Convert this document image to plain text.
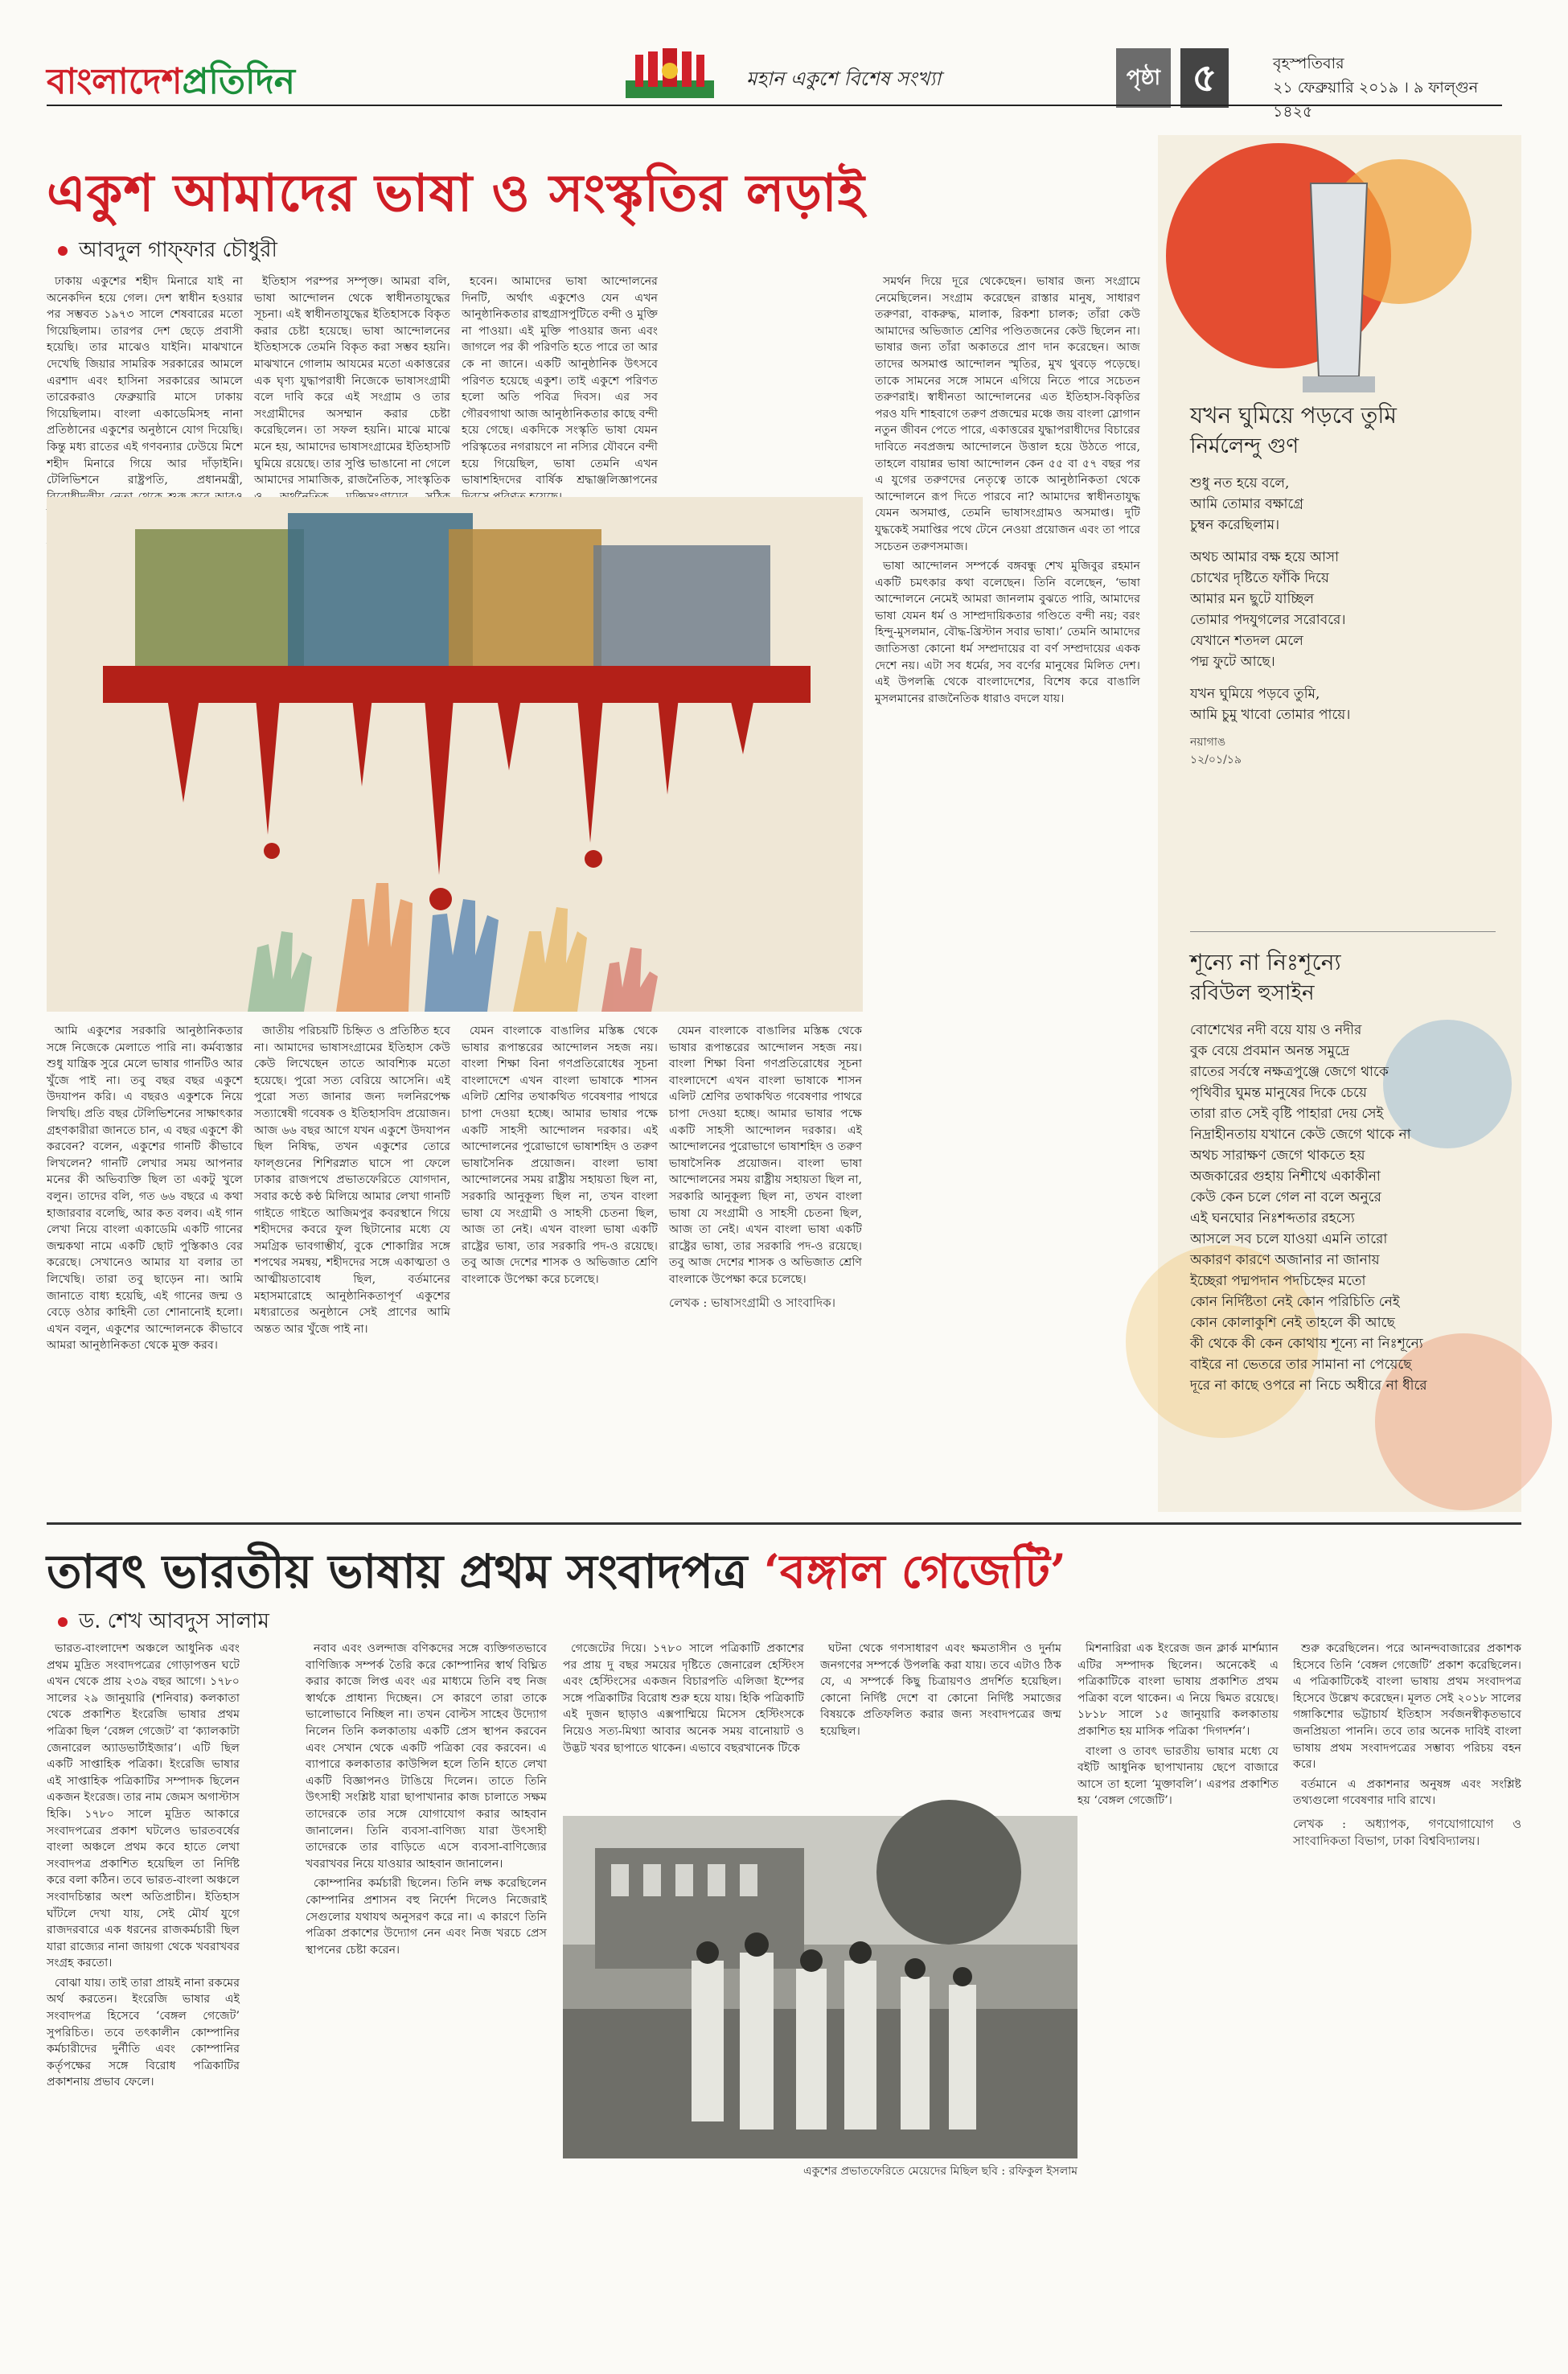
বাংলাদেশপ্রতিদিন	মহান একুশে বিশেষ সংখ্যা	পৃষ্ঠা ৫	বৃহস্পতিবার
২১ ফেব্রুয়ারি ২০১৯ । ৯ ফাল্গুন ১৪২৫
একুশ আমাদের ভাষা ও সংস্কৃতির লড়াই
আবদুল গাফ্‌ফার চৌধুরী

ঢাকায় একুশের শহীদ মিনারে যাই না অনেকদিন হয়ে গেল। দেশ স্বাধীন হওয়ার পর সম্ভবত ১৯৭৩ সালে শেষবারের মতো গিয়েছিলাম। তারপর দেশ ছেড়ে প্রবাসী হয়েছি। তার মাঝেও যাইনি। মাঝখানে দেখেছি জিয়ার সামরিক সরকারের আমলে এরশাদ এবং হাসিনা সরকারের আমলে তারেকরাও ফেব্রুয়ারি মাসে ঢাকায় গিয়েছিলাম। বাংলা একাডেমিসহ নানা প্রতিষ্ঠানের একুশের অনুষ্ঠানে যোগ দিয়েছি। কিন্তু মধ্য রাতের এই গণবন্যার ঢেউয়ে মিশে শহীদ মিনারে গিয়ে আর দাঁড়াইনি। টেলিভিশনে রাষ্ট্রপতি, প্রধানমন্ত্রী,

ইতিহাস পরম্পর সম্পৃক্ত। আমরা বলি, ভাষা আন্দোলন থেকে স্বাধীনতাযুদ্ধের সূচনা। এই স্বাধীনতাযুদ্ধের ইতিহাসকে বিকৃত করার চেষ্টা হয়েছে। ভাষা আন্দোলনের ইতিহাসকে তেমনি বিকৃত করা সম্ভব হয়নি। মাঝখানে গোলাম আযমের মতো একাত্তরের এক ঘৃণ্য যুদ্ধাপরাধী নিজেকে ভাষাসংগ্রামী বলে দাবি করে এই সংগ্রাম ও তার সংগ্রামীদের অসম্মান করার চেষ্টা করেছিলেন। তা সফল হয়নি। মাঝে মাঝে মনে হয়, আমাদের ভাষাসংগ্রামের ইতিহাসটি ঘুমিয়ে রয়েছে। তার সুপ্তি ভাঙানো না গেলে আমাদের সামাজিক, রাজনৈতিক, সাংস্কৃতিক

হবেন। আমাদের ভাষা আন্দোলনের দিনটি, অর্থাৎ একুশেও যেন এখন আনুষ্ঠানিকতার রাহুগ্রাসপুটিতে বন্দী ও মুক্তি না পাওয়া। এই মুক্তি পাওয়ার জন্য এবং জাগলে পর কী পরিণতি হতে পারে তা আর কে না জানে। একটি আনুষ্ঠানিক উৎসবে পরিণত হয়েছে একুশ। তাই একুশে পরিণত হলো অতি পবিত্র দিবস। এর সব গৌরবগাথা আজ আনুষ্ঠানিকতার কাছে বন্দী হয়ে গেছে। একদিকে সংস্কৃতি ভাষা যেমন পরিস্কৃতের নগরায়ণে না নস্যির যৌবনে বন্দী হয়ে গিয়েছিল, ভাষা তেমনি এখন ভাষাশহিদদের বার্ষিক শ্রদ্ধাঞ্জলিজ্ঞাপনের

সমর্থন দিয়ে দূরে থেকেছেন। ভাষার জন্য সংগ্রামে নেমেছিলেন। সংগ্রাম করেছেন রাস্তার মানুষ, সাধারণ তরুণরা, বাকরুদ্ধ, মালাক, রিকশা চালক; তাঁরা কেউ আমাদের অভিজাত শ্রেণির পণ্ডিতজনের কেউ ছিলেন না। ভাষার জন্য তাঁরা অকাতরে প্রাণ দান করেছেন। আজ তাদের অসমাপ্ত আন্দোলন স্মৃতির, মুখ থুবড়ে পড়েছে। তাকে সামনের সঙ্গে সামনে এগিয়ে নিতে পারে সচেতন তরুণরাই। স্বাধীনতা আন্দোলনের এত ইতিহাস-বিকৃতির পরও যদি শাহবাগে তরুণ প্রজন্মের মঞ্চে জয় বাংলা স্লোগান নতুন জীবন পেতে পারে, একাত্তরের যুদ্ধাপরাধীদের বিচারের দাবিতে নবপ্রজন্ম আন্দোলনে উত্তাল হয়ে উঠতে পারে, তাহলে বায়ান্নর ভাষা আন্দোলন কেন ৫৫ বা ৫৭ বছর পর এ যুগের তরুণদের নেতৃত্বে তাকে আনুষ্ঠানিকতা থেকে আন্দোলনে রূপ দিতে পারবে না? আমাদের স্বাধীনতাযুদ্ধ যেমন অসমাপ্ত, তেমনি ভাষাসংগ্রামও অসমাপ্ত। দুটি যুদ্ধকেই সমাপ্তির পথে টেনে নেওয়া প্রয়োজন এবং তা পারে সচেতন তরুণসমাজ।

ভাষা আন্দোলন সম্পর্কে বঙ্গবন্ধু শেখ মুজিবুর রহমান একটি চমৎকার কথা বলেছেন। তিনি বলেছেন, ‘ভাষা আন্দোলনে নেমেই আমরা জানলাম বুঝতে পারি, আমাদের ভাষা যেমন ধর্ম ও সাম্প্রদায়িকতার গণ্ডিতে বন্দী নয়; বরং হিন্দু-মুসলমান, বৌদ্ধ-খ্রিস্টান সবার ভাষা।’ তেমনি আমাদের জাতিসত্তা কোনো ধর্ম সম্প্রদায়ের বা বর্ণ সম্প্রদায়ের একক দেশে নয়। এটা সব ধর্মের, সব বর্ণের মানুষের মিলিত দেশ। এই উপলব্ধি থেকে বাংলাদেশের, বিশেষ করে বাঙালি মুসলমানের রাজনৈতিক ধারাও বদলে যায়।

আমি একুশের সরকারি আনুষ্ঠানিকতার সঙ্গে নিজেকে মেলাতে পারি না। কর্মব্যস্তার শুধু যান্ত্রিক সুরে মেলে ভাষার গানটিও আর খুঁজে পাই না। তবু বছর বছর একুশে উদযাপন করি। এ বছরও একুশকে নিয়ে লিখছি। প্রতি বছর টেলিভিশনের সাক্ষাৎকার গ্রহণকারীরা জানতে চান, এ বছর একুশে কী করবেন? বলেন, একুশের গানটি কীভাবে লিখলেন? গানটি লেখার সময় আপনার মনের কী অভিব্যক্তি ছিল তা একটু খুলে বলুন। তাদের বলি, গত ৬৬ বছরে এ কথা হাজারবার বলেছি, আর কত বলব। এই গান লেখা নিয়ে বাংলা একাডেমি একটি গানের জন্মকথা নামে একটি ছোট পুস্তিকাও বের করেছে। সেখানেও আমার যা বলার তা লিখেছি। তারা তবু ছাড়েন না। আমি জানাতে বাধ্য হয়েছি, এই গানের জন্ম ও বেড়ে ওঠার কাহিনী তো শোনানোই হলো। এখন বলুন, একুশের আন্দোলনকে কীভাবে আমরা আনুষ্ঠানিকতা থেকে মুক্ত করব।

জাতীয় পরিচয়টি চিহ্নিত ও প্রতিষ্ঠিত হবে না। আমাদের ভাষাসংগ্রামের ইতিহাস কেউ কেউ লিখেছেন তাতে আবশ্যিক মতো হয়েছে। পুরো সত্য বেরিয়ে আসেনি। এই পুরো সত্য জানার জন্য দলনিরপেক্ষ সত্যান্বেষী গবেষক ও ইতিহাসবিদ প্রয়োজন। আজ ৬৬ বছর আগে যখন একুশে উদযাপন ছিল নিষিদ্ধ, তখন একুশের তোরে ফাল্গুনের শিশিরস্নাত ঘাসে পা ফেলে ঢাকার রাজপথে প্রভাতফেরিতে যোগদান, সবার কণ্ঠে কণ্ঠ মিলিয়ে আমার লেখা গানটি গাইতে গাইতে আজিমপুর কবরস্থানে গিয়ে শহীদদের কবরে ফুল ছিটানোর মধ্যে যে সমগ্রিক ভাবগাম্ভীর্য, বুকে শোকাগ্নির সঙ্গে শপথের সমন্বয়, শহীদদের সঙ্গে একাত্মতা ও আত্মীয়তাবোধ ছিল, বর্তমানের মহাসমারোহে আনুষ্ঠানিকতাপূর্ণ একুশের মধ্যরাতের অনুষ্ঠানে সেই প্রাণের আমি অন্তত আর খুঁজে পাই না।

যেমন বাংলাকে বাঙালির মস্তিষ্ক থেকে ভাষার রূপান্তরের আন্দোলন সহজ নয়। বাংলা শিক্ষা বিনা গণপ্রতিরোধের সূচনা বাংলাদেশে এখন বাংলা ভাষাকে শাসন এলিট শ্রেণির তথাকথিত গবেষণার পাথরে চাপা দেওয়া হচ্ছে। আমার ভাষার পক্ষে একটি সাহসী আন্দোলন দরকার। এই আন্দোলনের পুরোভাগে ভাষাশহিদ ও তরুণ ভাষাসৈনিক প্রয়োজন। বাংলা ভাষা আন্দোলনের সময় রাষ্ট্রীয় সহায়তা ছিল না, সরকারি আনুকূল্য ছিল না, তখন বাংলা ভাষা যে সংগ্রামী ও সাহসী চেতনা ছিল, আজ তা নেই। এখন বাংলা ভাষা একটি রাষ্ট্রের ভাষা, তার সরকারি পদ-ও রয়েছে। তবু আজ দেশের শাসক ও অভিজাত শ্রেণি বাংলাকে উপেক্ষা করে চলেছে।

যেমন বাংলাকে বাঙালির মস্তিষ্ক থেকে ভাষার রূপান্তরের আন্দোলন সহজ নয়। বাংলা শিক্ষা বিনা গণপ্রতিরোধের সূচনা বাংলাদেশে এখন বাংলা ভাষাকে শাসন এলিট শ্রেণির তথাকথিত গবেষণার পাথরে চাপা দেওয়া হচ্ছে। আমার ভাষার পক্ষে একটি সাহসী আন্দোলন দরকার। এই আন্দোলনের পুরোভাগে ভাষাশহিদ ও তরুণ ভাষাসৈনিক প্রয়োজন। বাংলা ভাষা আন্দোলনের সময় রাষ্ট্রীয় সহায়তা ছিল না, সরকারি আনুকূল্য ছিল না, তখন বাংলা ভাষা যে সংগ্রামী ও সাহসী চেতনা ছিল, আজ তা নেই। এখন বাংলা ভাষা একটি রাষ্ট্রের ভাষা, তার সরকারি পদ-ও রয়েছে। তবু আজ দেশের শাসক ও অভিজাত শ্রেণি বাংলাকে উপেক্ষা করে চলেছে।

লেখক : ভাষাসংগ্রামী ও সাংবাদিক।
যখন ঘুমিয়ে পড়বে তুমি
নির্মলেন্দু গুণ
শুধু নত হয়ে বলে,
আমি তোমার বক্ষাগ্রে
চুম্বন করেছিলাম।
অথচ আমার বক্ষ হয়ে আসা
চোখের দৃষ্টিতে ফাঁকি দিয়ে
আমার মন ছুটে যাচ্ছিল
তোমার পদযুগলের সরোবরে।
যেখানে শতদল মেলে
পদ্ম ফুটে আছে।
যখন ঘুমিয়ে পড়বে তুমি,
আমি চুমু খাবো তোমার পায়ে।
নয়াগাঙ
১২/০১/১৯
শূন্যে না নিঃশূন্যে
রবিউল হুসাইন
বোশেখের নদী বয়ে যায় ও নদীর
বুক বেয়ে প্রবমান অনন্ত সমুদ্রে
রাতের সর্বস্বে নক্ষত্রপুঞ্জে জেগে থাকে
পৃথিবীর ঘুমন্ত মানুষের দিকে চেয়ে
তারা রাত সেই বৃষ্টি পাহারা দেয় সেই
নিদ্রাহীনতায় যখানে কেউ জেগে থাকে না
অথচ সারাক্ষণ জেগে থাকতে হয়
অজকারের গুহায় নিশীথে একাকীনা
কেউ কেন চলে গেল না বলে অনুরে
এই ঘনঘোর নিঃশব্দতার রহস্যে
আসলে সব চলে যাওয়া এমনি তারো
অকারণ কারণে অজানার না জানায়
ইচ্ছেরা পদ্মপদান পদচিহ্নের মতো
কোন নির্দিষ্টতা নেই কোন পরিচিতি নেই
কোন কোলাকুশি নেই তাহলে কী আছে
কী থেকে কী কেন কোথায় শূন্যে না নিঃশূন্যে
বাইরে না ভেতরে তার সামানা না পেয়েছে
দূরে না কাছে ওপরে না নিচে অধীরে না ধীরে
তাবৎ ভারতীয় ভাষায় প্রথম সংবাদপত্র ‘বঙ্গাল গেজেটি’
ড. শেখ আবদুস সালাম

ভারত-বাংলাদেশ অঞ্চলে আধুনিক এবং প্রথম মুদ্রিত সংবাদপত্রের গোড়াপত্তন ঘটে এখন থেকে প্রায় ২৩৯ বছর আগে। ১৭৮০ সালের ২৯ জানুয়ারি (শনিবার) কলকাতা থেকে প্রকাশিত ইংরেজি ভাষার প্রথম পত্রিকা ছিল ‘বেঙ্গল গেজেট’ বা ‘ক্যালকাটা জেনারেল অ্যাডভার্টাইজার’। এটি ছিল একটি সাপ্তাহিক পত্রিকা। ইংরেজি ভাষার এই সাপ্তাহিক পত্রিকাটির সম্পাদক ছিলেন একজন ইংরেজ। তার নাম জেমস অগাস্টাস হিকি। ১৭৮০ সালে মুদ্রিত আকারে সংবাদপত্রের প্রকাশ ঘটলেও ভারতবর্ষের বাংলা অঞ্চলে প্রথম কবে হাতে লেখা সংবাদপত্র প্রকাশিত হয়েছিল তা নির্দিষ্ট করে বলা কঠিন। তবে ভারত-বাংলা অঞ্চলে সংবাদচিন্তার অংশ অতিপ্রাচীন। ইতিহাস ঘাঁটলে দেখা যায়, সেই মৌর্য যুগে রাজদরবারে এক ধরনের রাজকর্মচারী ছিল যারা রাজ্যের নানা জায়গা থেকে খবরাখবর সংগ্রহ করতো।

বোঝা যায়। তাই তারা প্রায়ই নানা রকমের অর্থ করতেন। ইংরেজি ভাষার এই সংবাদপত্র হিসেবে ‘বেঙ্গল গেজেট’ সুপরিচিত। তবে তৎকালীন কোম্পানির কর্মচারীদের দুর্নীতি এবং কোম্পানির কর্তৃপক্ষের সঙ্গে বিরোধ পত্রিকাটির প্রকাশনায় প্রভাব ফেলে।

নবাব এবং ওলন্দাজ বণিকদের সঙ্গে ব্যক্তিগতভাবে বাণিজ্যিক সম্পর্ক তৈরি করে কোম্পানির স্বার্থ বিঘ্নিত করার কাজে লিপ্ত এবং এর মাধ্যমে তিনি বহু নিজ স্বার্থকে প্রাধান্য দিচ্ছেন। সে কারণে তারা তাকে ভালোভাবে নিচ্ছিল না। তখন বোল্টস সাহেব উদ্যোগ নিলেন তিনি কলকাতায় একটি প্রেস স্থাপন করবেন এবং সেখান থেকে একটি পত্রিকা বের করবেন। এ ব্যাপারে কলকাতার কাউন্সিল হলে তিনি হাতে লেখা একটি বিজ্ঞাপনও টাঙিয়ে দিলেন। তাতে তিনি উৎসাহী সংশ্লিষ্ট যারা ছাপাখানার কাজ চালাতে সক্ষম তাদেরকে তার সঙ্গে যোগাযোগ করার আহবান জানালেন। তিনি ব্যবসা-বাণিজ্য যারা উৎসাহী তাদেরকে তার বাড়িতে এসে ব্যবসা-বাণিজ্যের খবরাখবর নিয়ে যাওয়ার আহবান জানালেন।

কোম্পানির কর্মচারী ছিলেন। তিনি লক্ষ করেছিলেন কোম্পানির প্রশাসন বহু নির্দেশ দিলেও নিজেরাই সেগুলোর যথাযথ অনুসরণ করে না। এ কারণে তিনি পত্রিকা প্রকাশের উদ্যোগ নেন এবং নিজ খরচে প্রেস স্থাপনের চেষ্টা করেন।

গেজেটের দিয়ে। ১৭৮০ সালে পত্রিকাটি প্রকাশের পর প্রায় দু বছর সময়ের দৃষ্টিতে জেনারেল হেস্টিংস এবং হেস্টিংসের একজন বিচারপতি এলিজা ইম্পের সঙ্গে পত্রিকাটির বিরোধ শুরু হয়ে যায়। হিকি পত্রিকাটি এই দুজন ছাড়াও এক্সপাম্মিয়ে মিসেস হেস্টিংসকে নিয়েও সত্য-মিথ্যা আবার অনেক সময় বানোয়াট ও উদ্ভট খবর ছাপাতে থাকেন। এভাবে বছরখানেক টিকে

ঘটনা থেকে গণসাধারণ এবং ক্ষমতাসীন ও দুর্নাম জনগণের সম্পর্কে উপলব্ধি করা যায়। তবে এটাও ঠিক যে, এ সম্পর্কে কিছু চিত্রায়ণও প্রদর্শিত হয়েছিল। কোনো নির্দিষ্ট দেশে বা কোনো নির্দিষ্ট সমাজের বিষয়কে প্রতিফলিত করার জন্য সংবাদপত্রের জন্ম হয়েছিল।

মিশনারিরা এক ইংরেজ জন ক্লার্ক মার্শম্যান এটির সম্পাদক ছিলেন। অনেকেই এ পত্রিকাটিকে বাংলা ভাষায় প্রকাশিত প্রথম পত্রিকা বলে থাকেন। এ নিয়ে দ্বিমত রয়েছে। ১৮১৮ সালে ১৫ জানুয়ারি কলকাতায় প্রকাশিত হয় মাসিক পত্রিকা ‘দিগদর্শন’।

বাংলা ও তাবৎ ভারতীয় ভাষার মধ্যে যে বইটি আধুনিক ছাপাখানায় ছেপে বাজারে আসে তা হলো ‘মুক্তাবলি’। এরপর প্রকাশিত হয় ‘বেঙ্গল গেজেটি’।

শুরু করেছিলেন। পরে আনন্দবাজারের প্রকাশক হিসেবে তিনি ‘বেঙ্গল গেজেটি’ প্রকাশ করেছিলেন। এ পত্রিকাটিকেই বাংলা ভাষায় প্রথম সংবাদপত্র হিসেবে উল্লেখ করেছেন। মূলত সেই ২০১৮ সালের গঙ্গাকিশোর ভট্টাচার্য ইতিহাস সর্বজনস্বীকৃতভাবে জনপ্রিয়তা পাননি। তবে তার অনেক দাবিই বাংলা ভাষায় প্রথম সংবাদপত্রের সম্ভাব্য পরিচয় বহন করে।

বর্তমানে এ প্রকাশনার অনুষঙ্গ এবং সংশ্লিষ্ট তথ্যগুলো গবেষণার দাবি রাখে।

লেখক : অধ্যাপক, গণযোগাযোগ ও সাংবাদিকতা বিভাগ, ঢাকা বিশ্ববিদ্যালয়।
একুশের প্রভাতফেরিতে মেয়েদের মিছিল ছবি : রফিকুল ইসলাম
